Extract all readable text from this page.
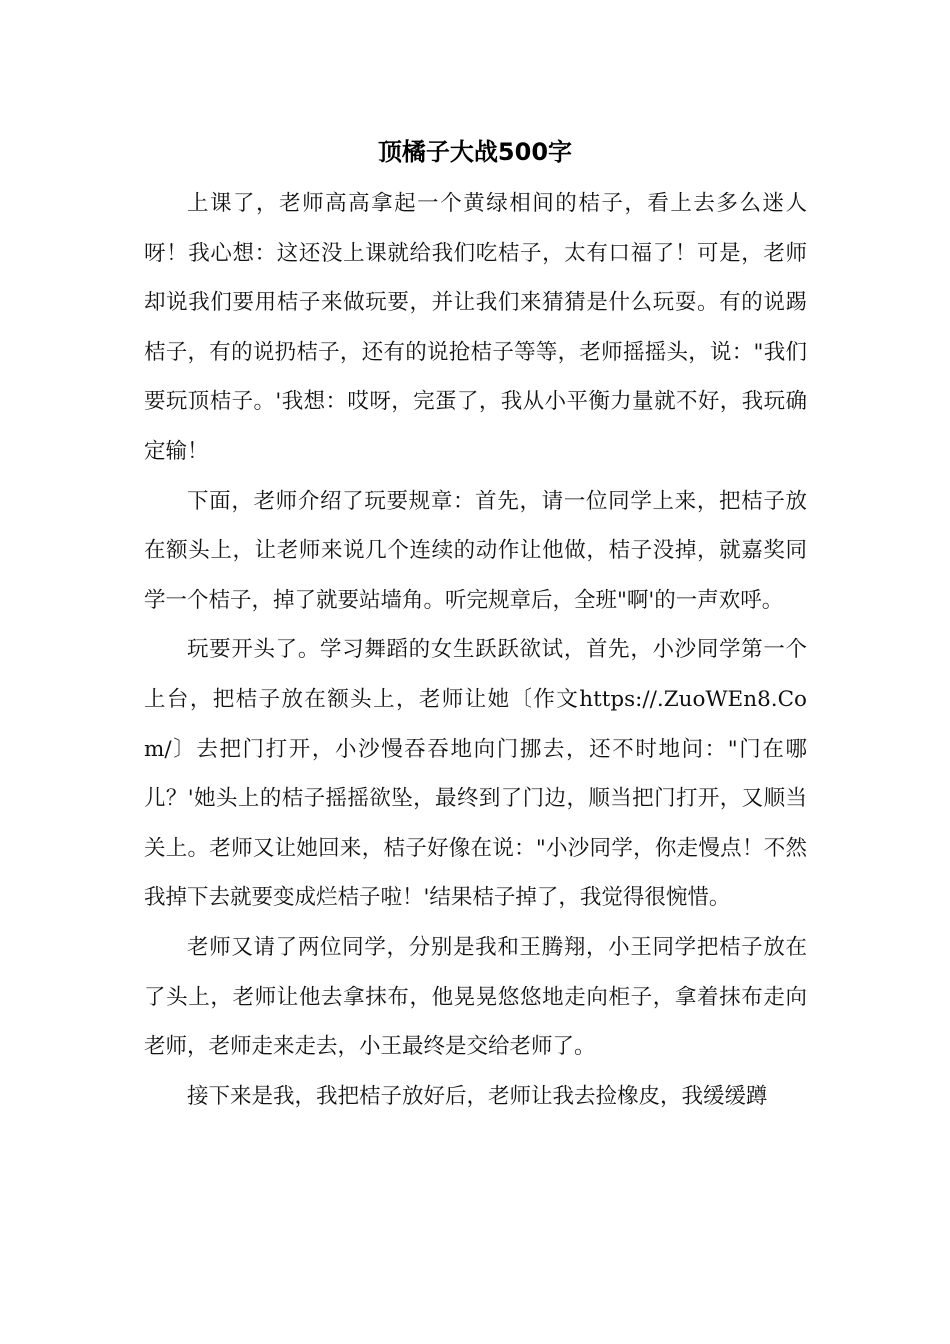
顶橘子大战500字

上课了，老师高高拿起一个黄绿相间的桔子，看上去多么迷人呀！我心想：这还没上课就给我们吃桔子，太有口福了！可是，老师却说我们要用桔子来做玩要，并让我们来猜猜是什么玩耍。有的说踢桔子，有的说扔桔子，还有的说抢桔子等等，老师摇摇头，说："我们要玩顶桔子。'我想：哎呀，完蛋了，我从小平衡力量就不好，我玩确定输！

下面，老师介绍了玩要规章：首先，请一位同学上来，把桔子放在额头上，让老师来说几个连续的动作让他做，桔子没掉，就嘉奖同学一个桔子，掉了就要站墙角。听完规章后，全班"啊'的一声欢呼。

玩要开头了。学习舞蹈的女生跃跃欲试，首先，小沙同学第一个上台，把桔子放在额头上，老师让她〔作文https://.ZuoWEn8.Com/〕去把门打开，小沙慢吞吞地向门挪去，还不时地问："门在哪儿？'她头上的桔子摇摇欲坠，最终到了门边，顺当把门打开，又顺当关上。老师又让她回来，桔子好像在说："小沙同学，你走慢点！不然我掉下去就要变成烂桔子啦！'结果桔子掉了，我觉得很惋惜。

老师又请了两位同学，分别是我和王腾翔，小王同学把桔子放在了头上，老师让他去拿抹布，他晃晃悠悠地走向柜子，拿着抹布走向老师，老师走来走去，小王最终是交给老师了。

接下来是我，我把桔子放好后，老师让我去捡橡皮，我缓缓蹲
